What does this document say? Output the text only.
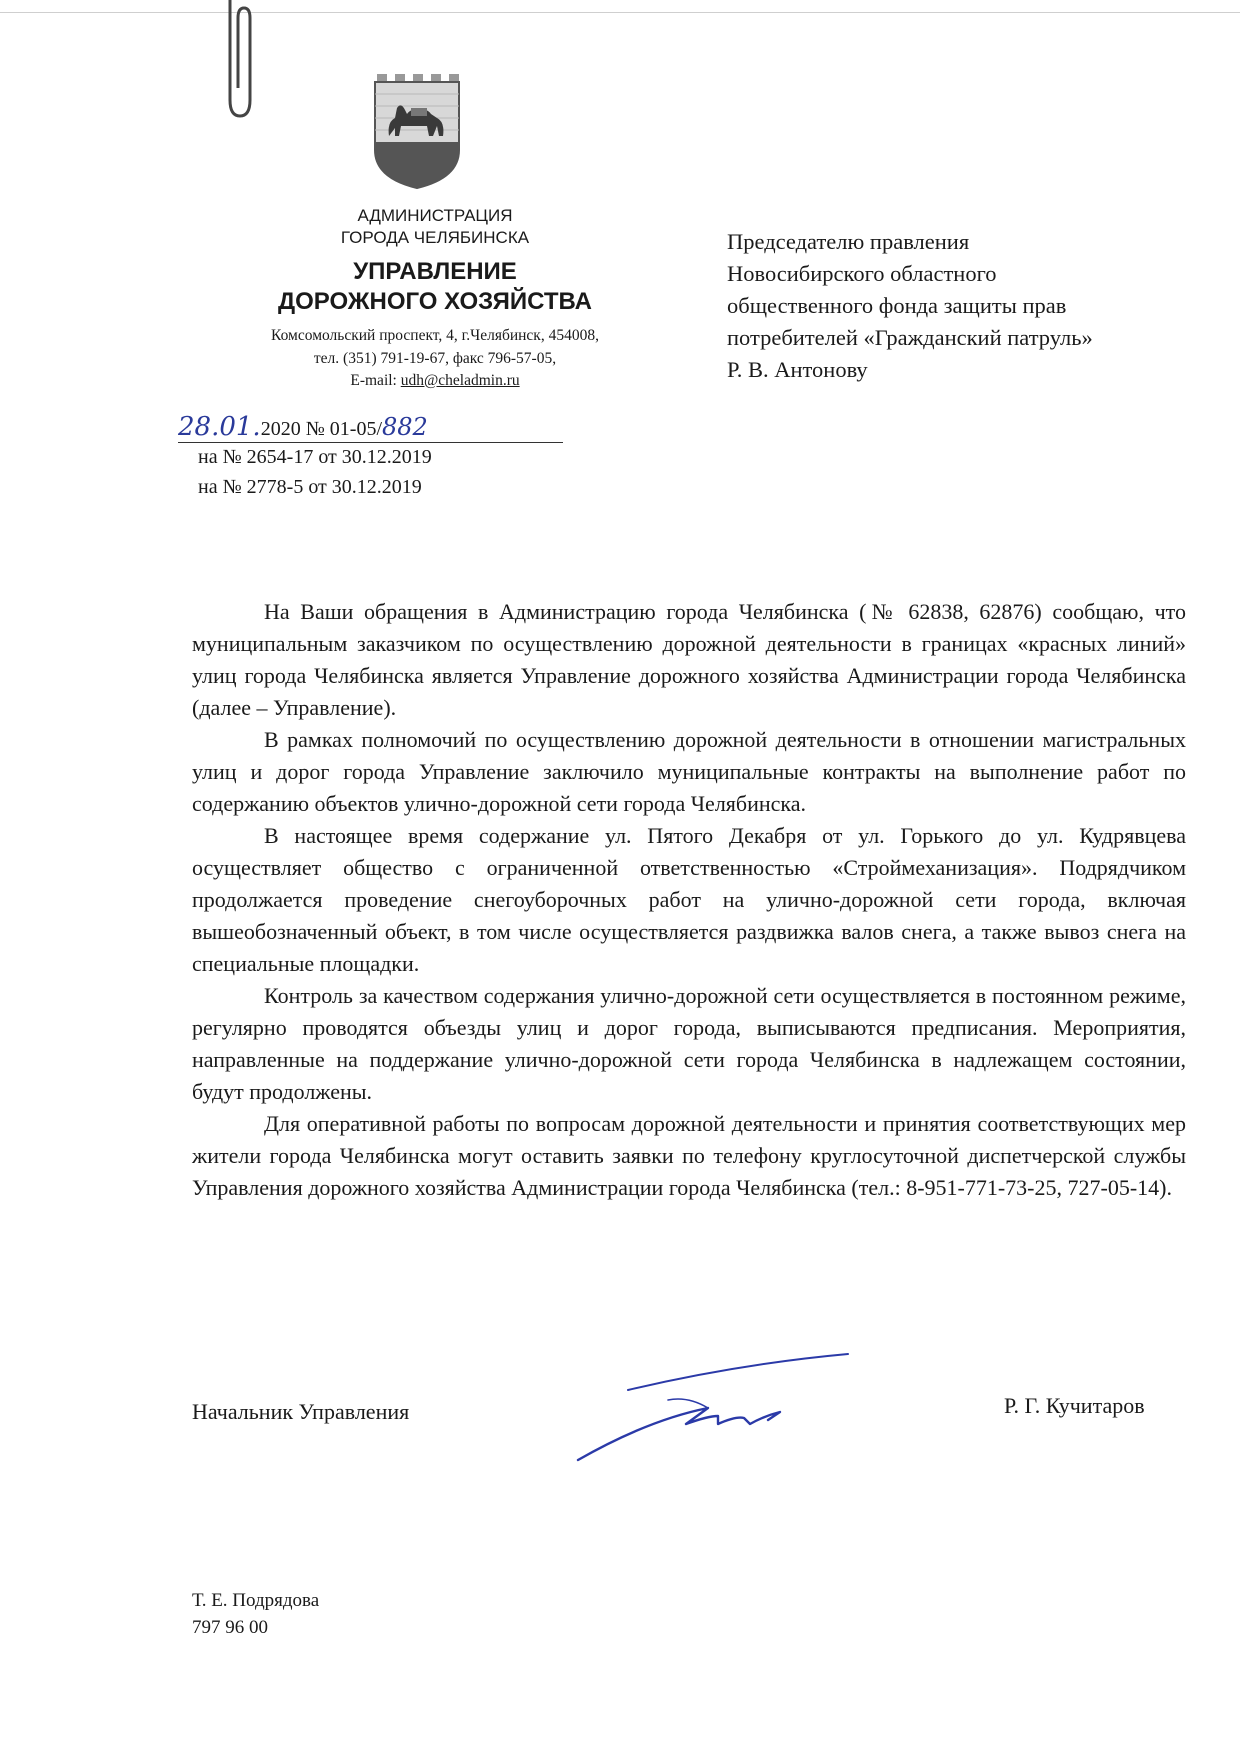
АДМИНИСТРАЦИЯ
ГОРОДА ЧЕЛЯБИНСКА
УПРАВЛЕНИЕ
ДОРОЖНОГО ХОЗЯЙСТВА
Комсомольский проспект, 4, г.Челябинск, 454008,
тел. (351) 791-19-67, факс 796-57-05,
E-mail: udh@cheladmin.ru
28.01.2020 № 01-05/882
на № 2654-17 от 30.12.2019
на № 2778-5 от 30.12.2019
Председателю правления
Новосибирского областного
общественного фонда защиты прав
потребителей «Гражданский патруль»
Р. В. Антонову

На Ваши обращения в Администрацию города Челябинска (№ 62838, 62876) сообщаю, что муниципальным заказчиком по осуществлению дорожной деятельности в границах «красных линий» улиц города Челябинска является Управление дорожного хозяйства Администрации города Челябинска (далее – Управление).

В рамках полномочий по осуществлению дорожной деятельности в отношении магистральных улиц и дорог города Управление заключило муниципальные контракты на выполнение работ по содержанию объектов улично-дорожной сети города Челябинска.

В настоящее время содержание ул. Пятого Декабря от ул. Горького до ул. Кудрявцева осуществляет общество с ограниченной ответственностью «Строймеханизация». Подрядчиком продолжается проведение снегоуборочных работ на улично-дорожной сети города, включая вышеобозначенный объект, в том числе осуществляется раздвижка валов снега, а также вывоз снега на специальные площадки.

Контроль за качеством содержания улично-дорожной сети осуществляется в постоянном режиме, регулярно проводятся объезды улиц и дорог города, выписываются предписания. Мероприятия, направленные на поддержание улично-дорожной сети города Челябинска в надлежащем состоянии, будут продолжены.

Для оперативной работы по вопросам дорожной деятельности и принятия соответствующих мер жители города Челябинска могут оставить заявки по телефону круглосуточной диспетчерской службы Управления дорожного хозяйства Администрации города Челябинска (тел.: 8-951-771-73-25, 727-05-14).

Начальник Управления	Р. Г. Кучитаров
Т. Е. Подрядова
797 96 00
